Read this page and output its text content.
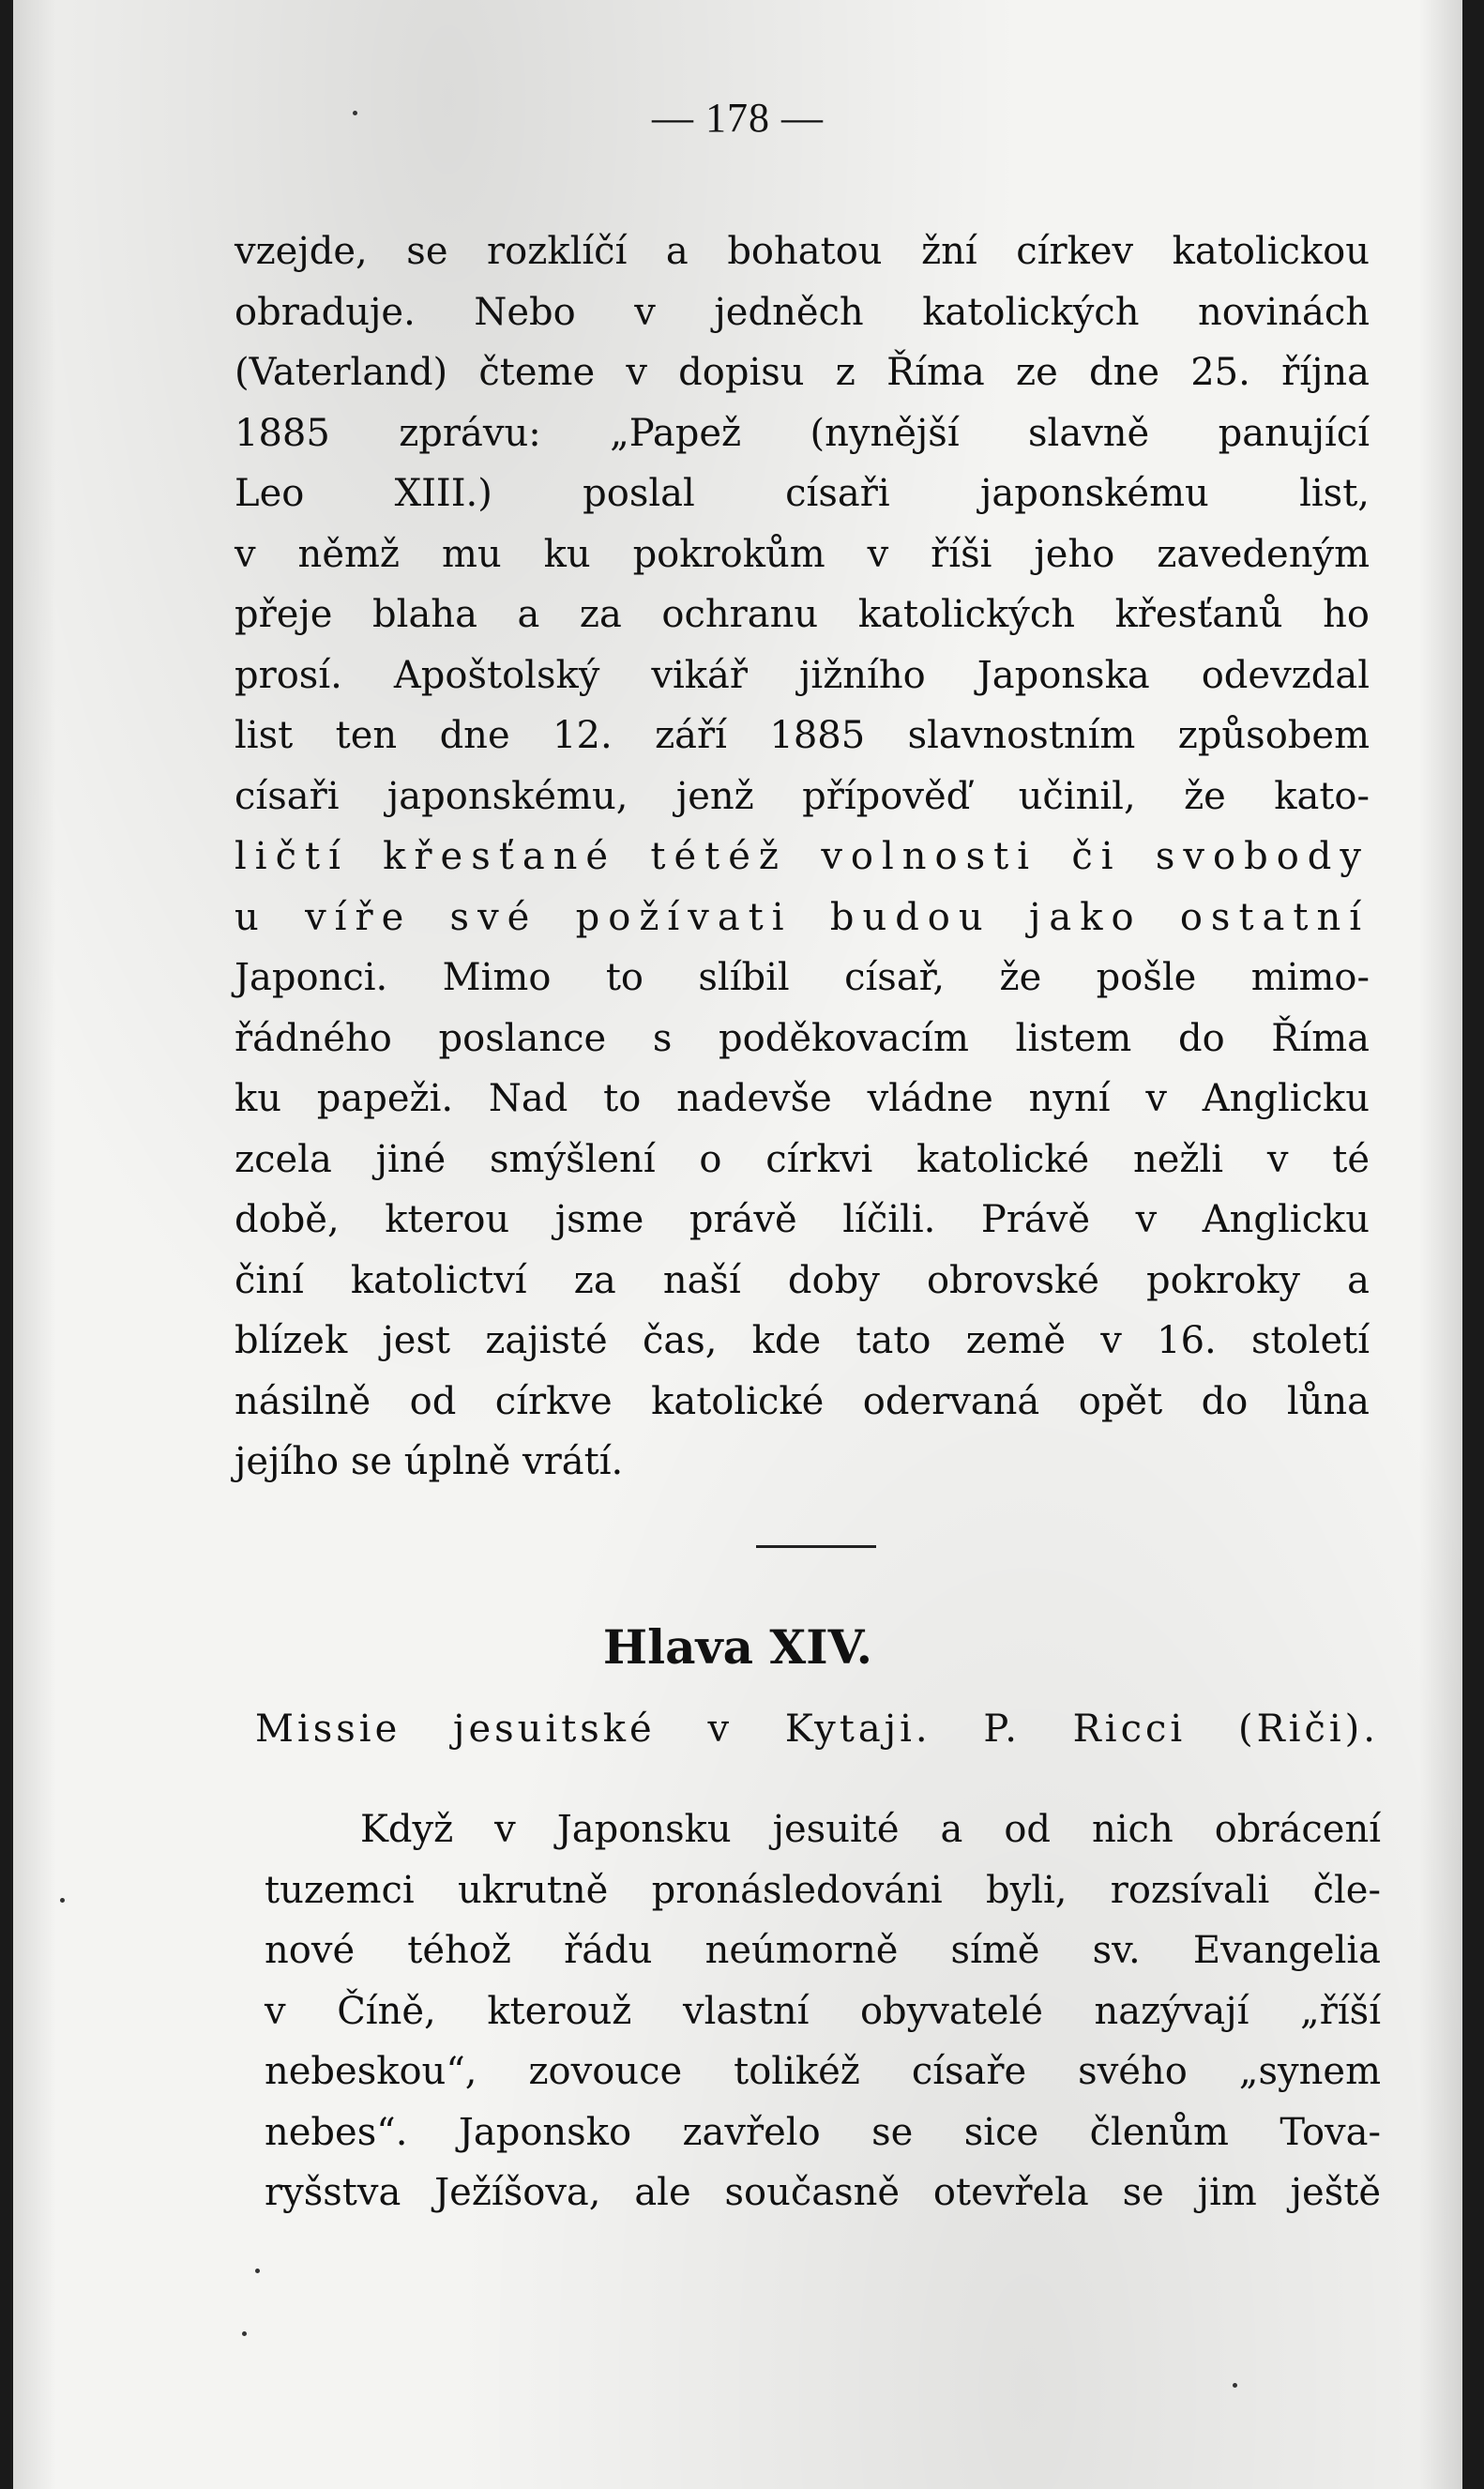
— 178 —
vzejde, se rozklíčí a bohatou žní církev katolickou
obraduje. Nebo v jedněch katolických novinách
(Vaterland) čteme v dopisu z Říma ze dne 25. října
1885 zprávu: „Papež (nynější slavně panující
Leo XIII.) poslal císaři japonskému list,
v němž mu ku pokrokům v říši jeho zavedeným
přeje blaha a za ochranu katolických křesťanů ho
prosí. Apoštolský vikář jižního Japonska odevzdal
list ten dne 12. září 1885 slavnostním způsobem
císaři japonskému, jenž přípověď učinil, že kato-
ličtí křesťané tétéž volnosti či svobody
u víře své požívati budou jako ostatní
Japonci. Mimo to slíbil císař, že pošle mimo-
řádného poslance s poděkovacím listem do Říma
ku papeži. Nad to nadevše vládne nyní v Anglicku
zcela jiné smýšlení o církvi katolické nežli v té
době, kterou jsme právě líčili. Právě v Anglicku
činí katolictví za naší doby obrovské pokroky a
blízek jest zajisté čas, kde tato země v 16. století
násilně od církve katolické odervaná opět do lůna
jejího se úplně vrátí.
Hlava XIV.
Missie jesuitské v Kytaji. P. Ricci (Riči).
Když v Japonsku jesuité a od nich obrácení
tuzemci ukrutně pronásledováni byli, rozsívali čle-
nové téhož řádu neúmorně símě sv. Evangelia
v Číně, kterouž vlastní obyvatelé nazývají „říší
nebeskou“, zovouce tolikéž císaře svého „synem
nebes“. Japonsko zavřelo se sice členům Tova-
ryšstva Ježíšova, ale současně otevřela se jim ještě
